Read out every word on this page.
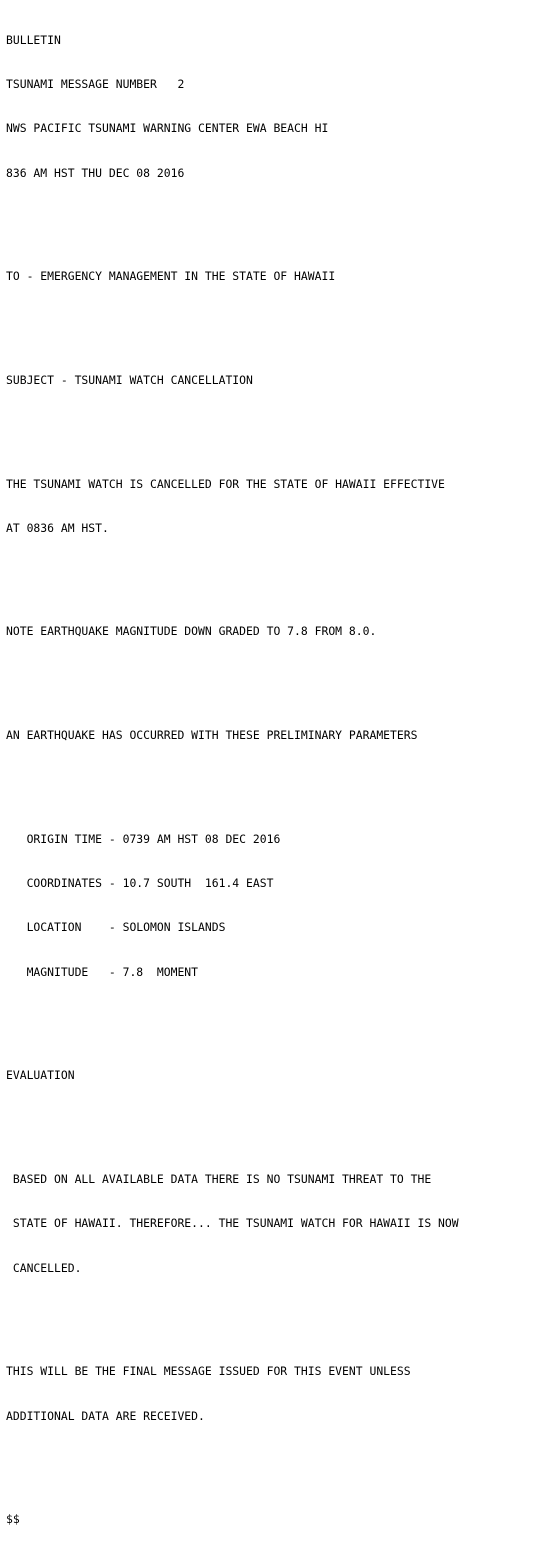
BULLETIN

TSUNAMI MESSAGE NUMBER   2

NWS PACIFIC TSUNAMI WARNING CENTER EWA BEACH HI

836 AM HST THU DEC 08 2016

TO - EMERGENCY MANAGEMENT IN THE STATE OF HAWAII

SUBJECT - TSUNAMI WATCH CANCELLATION

THE TSUNAMI WATCH IS CANCELLED FOR THE STATE OF HAWAII EFFECTIVE

AT 0836 AM HST.

NOTE EARTHQUAKE MAGNITUDE DOWN GRADED TO 7.8 FROM 8.0.

AN EARTHQUAKE HAS OCCURRED WITH THESE PRELIMINARY PARAMETERS

ORIGIN TIME - 0739 AM HST 08 DEC 2016

COORDINATES - 10.7 SOUTH  161.4 EAST

LOCATION    - SOLOMON ISLANDS

MAGNITUDE   - 7.8  MOMENT

EVALUATION

BASED ON ALL AVAILABLE DATA THERE IS NO TSUNAMI THREAT TO THE

STATE OF HAWAII. THEREFORE... THE TSUNAMI WATCH FOR HAWAII IS NOW

CANCELLED.

THIS WILL BE THE FINAL MESSAGE ISSUED FOR THIS EVENT UNLESS

ADDITIONAL DATA ARE RECEIVED.

$$
